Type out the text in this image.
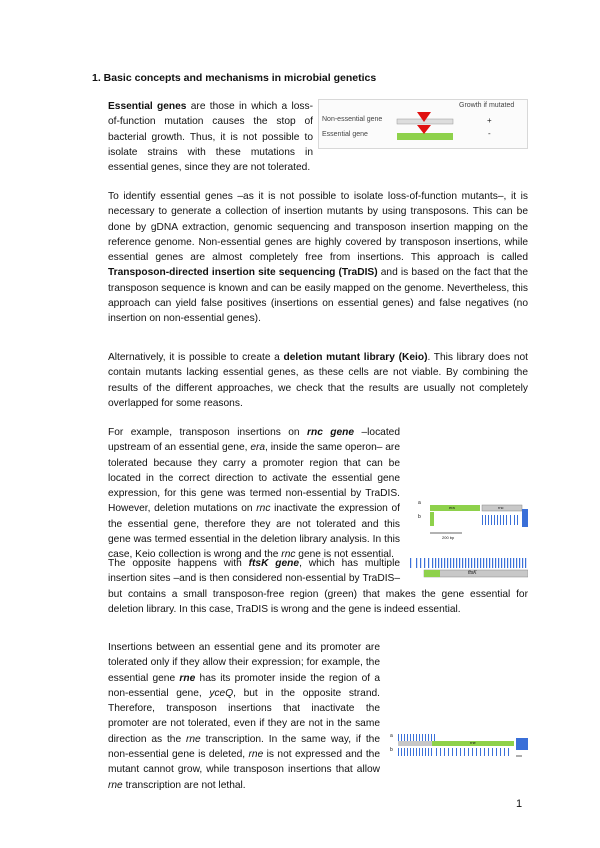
1. Basic concepts and mechanisms in microbial genetics
Essential genes are those in which a loss-of-function mutation causes the stop of bacterial growth. Thus, it is not possible to isolate strains with these mutations in essential genes, since they are not tolerated.
Growth if mutated
Non-essential gene	+
Essential gene	-
To identify essential genes –as it is not possible to isolate loss-of-function mutants–, it is necessary to generate a collection of insertion mutants by using transposons. This can be done by gDNA extraction, genomic sequencing and transposon insertion mapping on the reference genome. Non-essential genes are highly covered by transposon insertions, while essential genes are almost completely free from insertions. This approach is called Transposon-directed insertion site sequencing (TraDIS) and is based on the fact that the transposon sequence is known and can be easily mapped on the genome. Nevertheless, this approach can yield false positives (insertions on essential genes) and false negatives (no insertion on non-essential genes).
Alternatively, it is possible to create a deletion mutant library (Keio). This library does not contain mutants lacking essential genes, as these cells are not viable. By combining the results of the different approaches, we check that the results are usually not completely overlapped for some reasons.
For example, transposon insertions on rnc gene –located upstream of an essential gene, era, inside the same operon– are tolerated because they carry a promoter region that can be located in the correct direction to activate the essential gene expression, for this gene was termed non-essential by TraDIS. However, deletion mutations on rnc inactivate the expression of the essential gene, therefore they are not tolerated and this gene was termed essential in the deletion library analysis. In this case, Keio collection is wrong and the rnc gene is not essential.
a
b
era	rnc
200 bp
The opposite happens with ftsK gene, which has multiple insertion sites –and is then considered non-essential by TraDIS– but contains a small transposon-free region (green) that makes the gene essential for deletion library. In this case, TraDIS is wrong and the gene is indeed essential.
ftsK
Insertions between an essential gene and its promoter are tolerated only if they allow their expression; for example, the essential gene rne has its promoter inside the region of a non-essential gene, yceQ, but in the opposite strand. Therefore, transposon insertions that inactivate the promoter are not tolerated, even if they are not in the same direction as the rne transcription. In the same way, if the non-essential gene is deleted, rne is not expressed and the mutant cannot grow, while transposon insertions that allow rne transcription are not lethal.
a
b
rne
1
